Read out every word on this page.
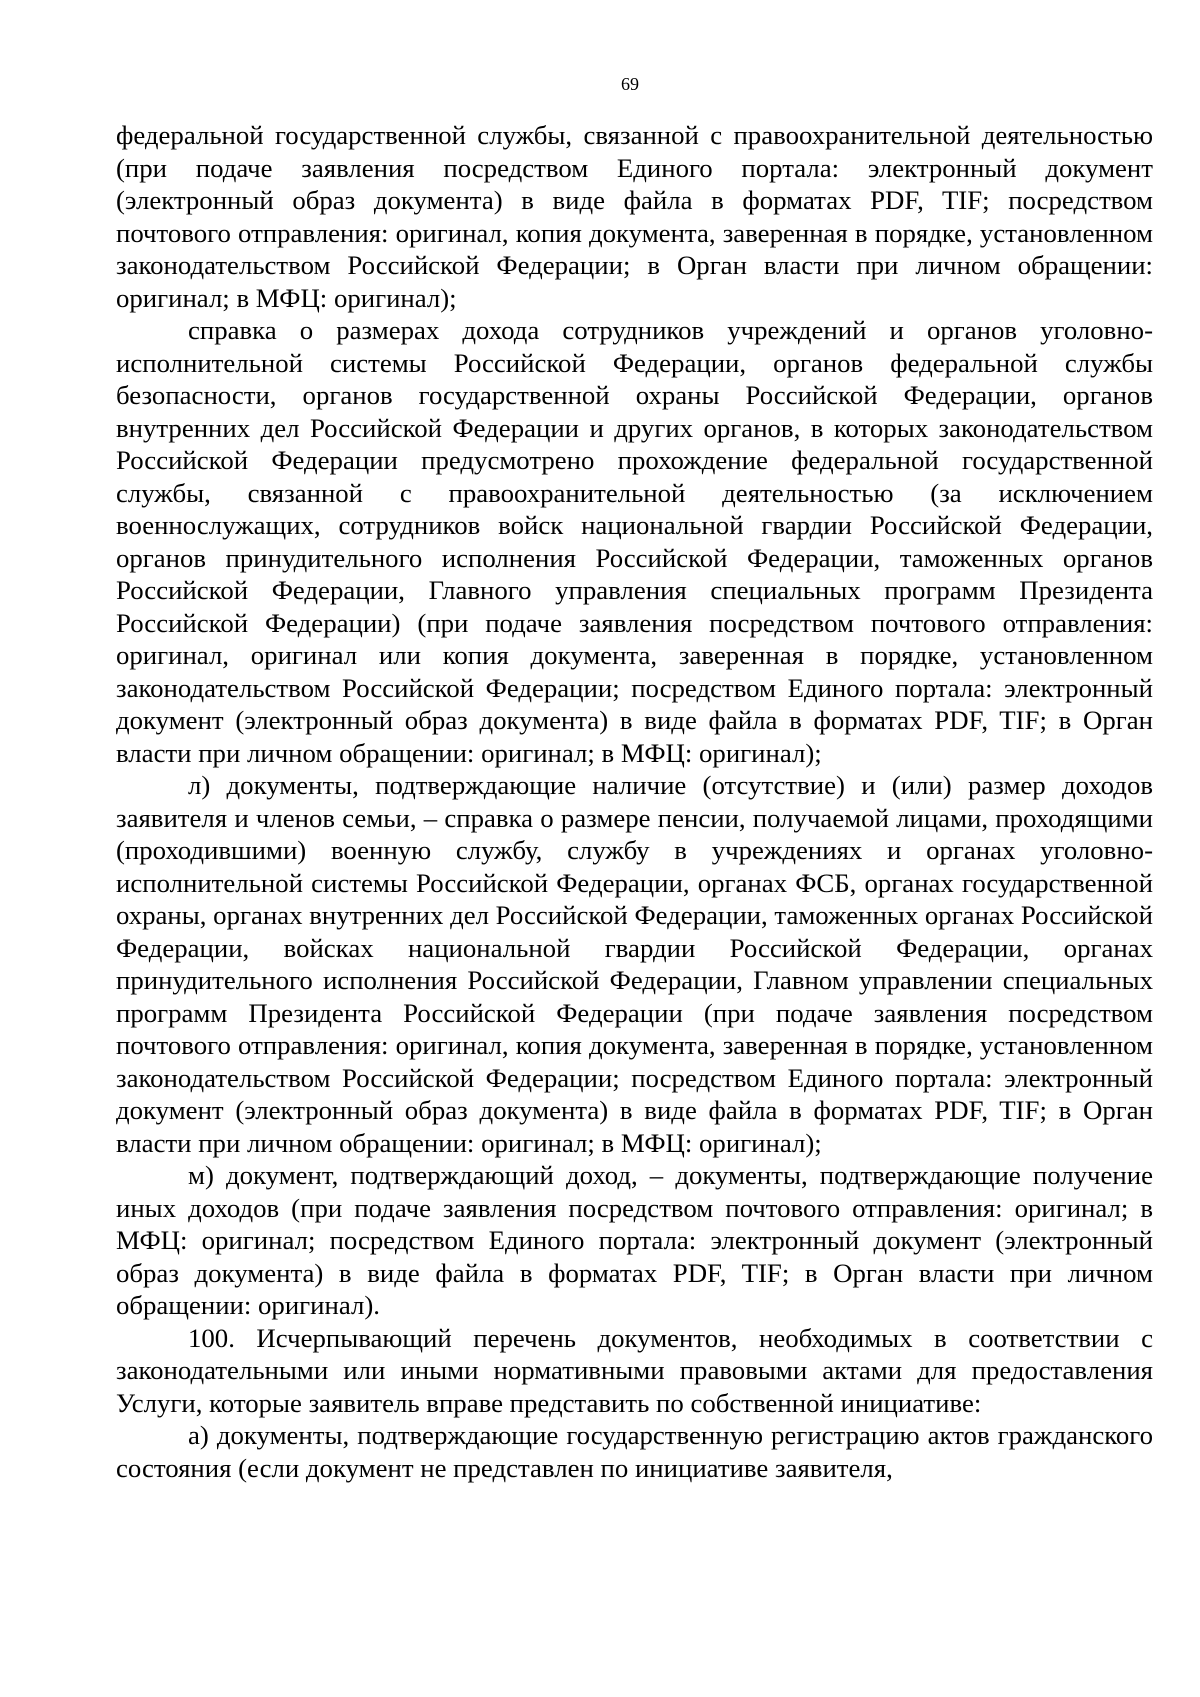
69

федеральной государственной службы, связанной с правоохранительной деятельностью (при подаче заявления посредством Единого портала: электронный документ (электронный образ документа) в виде файла в форматах PDF, TIF; посредством почтового отправления: оригинал, копия документа, заверенная в порядке, установленном законодательством Российской Федерации; в Орган власти при личном обращении: оригинал; в МФЦ: оригинал);

справка о размерах дохода сотрудников учреждений и органов уголовно-исполнительной системы Российской Федерации, органов федеральной службы безопасности, органов государственной охраны Российской Федерации, органов внутренних дел Российской Федерации и других органов, в которых законодательством Российской Федерации предусмотрено прохождение федеральной государственной службы, связанной с правоохранительной деятельностью (за исключением военнослужащих, сотрудников войск национальной гвардии Российской Федерации, органов принудительного исполнения Российской Федерации, таможенных органов Российской Федерации, Главного управления специальных программ Президента Российской Федерации) (при подаче заявления посредством почтового отправления: оригинал, оригинал или копия документа, заверенная в порядке, установленном законодательством Российской Федерации; посредством Единого портала: электронный документ (электронный образ документа) в виде файла в форматах PDF, TIF; в Орган власти при личном обращении: оригинал; в МФЦ: оригинал);

л) документы, подтверждающие наличие (отсутствие) и (или) размер доходов заявителя и членов семьи, – справка о размере пенсии, получаемой лицами, проходящими (проходившими) военную службу, службу в учреждениях и органах уголовно-исполнительной системы Российской Федерации, органах ФСБ, органах государственной охраны, органах внутренних дел Российской Федерации, таможенных органах Российской Федерации, войсках национальной гвардии Российской Федерации, органах принудительного исполнения Российской Федерации, Главном управлении специальных программ Президента Российской Федерации (при подаче заявления посредством почтового отправления: оригинал, копия документа, заверенная в порядке, установленном законодательством Российской Федерации; посредством Единого портала: электронный документ (электронный образ документа) в виде файла в форматах PDF, TIF; в Орган власти при личном обращении: оригинал; в МФЦ: оригинал);

м) документ, подтверждающий доход, – документы, подтверждающие получение иных доходов (при подаче заявления посредством почтового отправления: оригинал; в МФЦ: оригинал; посредством Единого портала: электронный документ (электронный образ документа) в виде файла в форматах PDF, TIF; в Орган власти при личном обращении: оригинал).

100. Исчерпывающий перечень документов, необходимых в соответствии с законодательными или иными нормативными правовыми актами для предоставления Услуги, которые заявитель вправе представить по собственной инициативе:

а) документы, подтверждающие государственную регистрацию актов гражданского состояния (если документ не представлен по инициативе заявителя,
